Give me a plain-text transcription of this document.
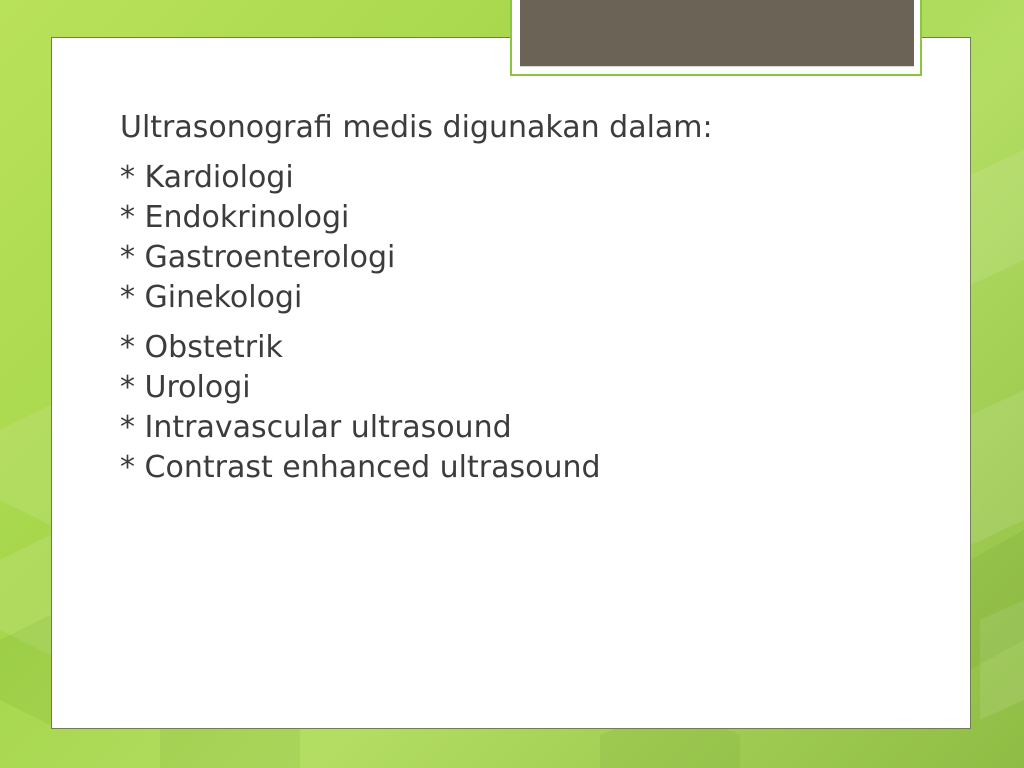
Ultrasonografi medis digunakan dalam:

* Kardiologi
* Endokrinologi
* Gastroenterologi
* Ginekologi

* Obstetrik
* Urologi
* Intravascular ultrasound
* Contrast enhanced ultrasound
